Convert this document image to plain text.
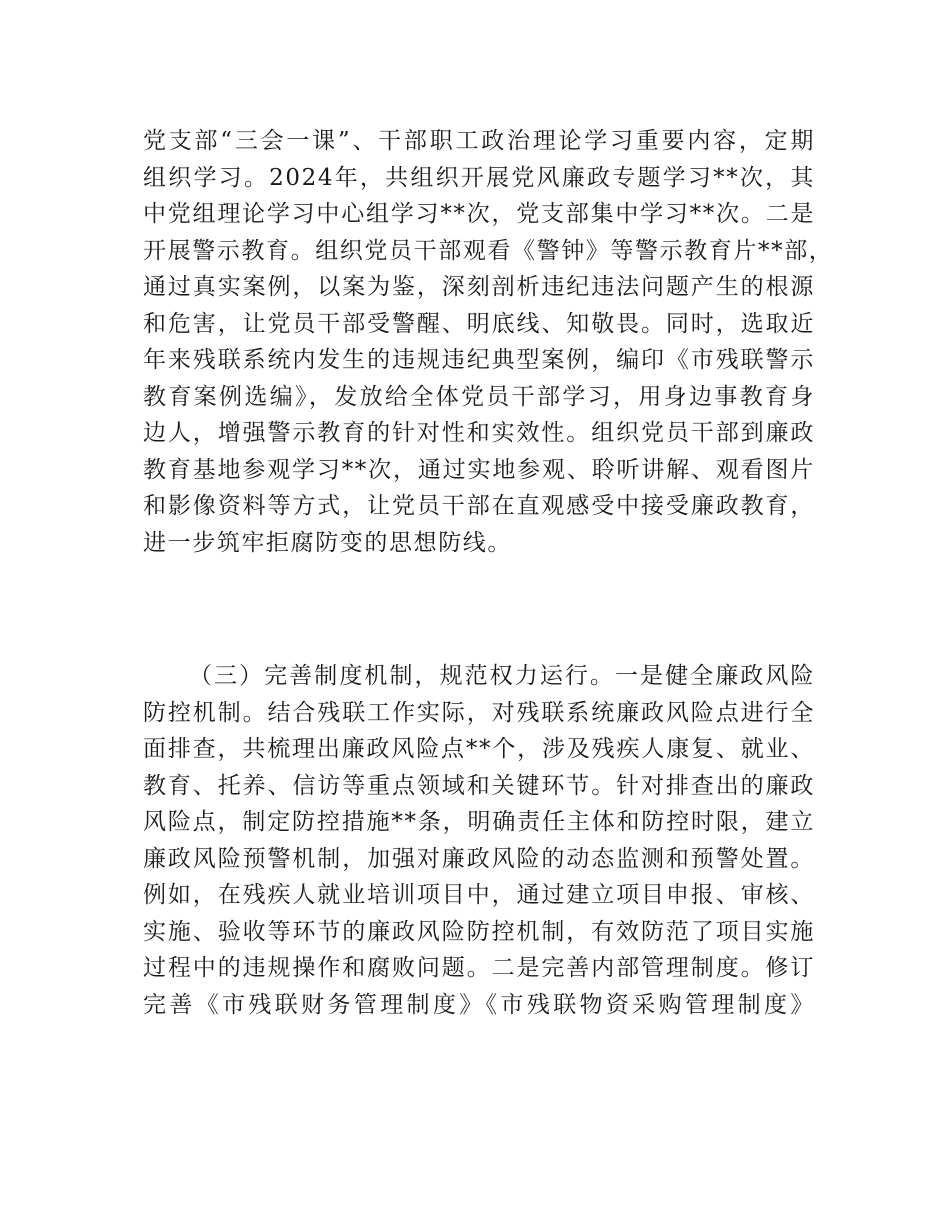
党支部“三会一课”、干部职工政治理论学习重要内容，定期
组织学习。2024年，共组织开展党风廉政专题学习**次，其
中党组理论学习中心组学习**次，党支部集中学习**次。二是
开展警示教育。组织党员干部观看《警钟》等警示教育片**部，
通过真实案例，以案为鉴，深刻剖析违纪违法问题产生的根源
和危害，让党员干部受警醒、明底线、知敬畏。同时，选取近
年来残联系统内发生的违规违纪典型案例，编印《市残联警示
教育案例选编》，发放给全体党员干部学习，用身边事教育身
边人，增强警示教育的针对性和实效性。组织党员干部到廉政
教育基地参观学习**次，通过实地参观、聆听讲解、观看图片
和影像资料等方式，让党员干部在直观感受中接受廉政教育，
进一步筑牢拒腐防变的思想防线。
（三）完善制度机制，规范权力运行。一是健全廉政风险
防控机制。结合残联工作实际，对残联系统廉政风险点进行全
面排查，共梳理出廉政风险点**个，涉及残疾人康复、就业、
教育、托养、信访等重点领域和关键环节。针对排查出的廉政
风险点，制定防控措施**条，明确责任主体和防控时限，建立
廉政风险预警机制，加强对廉政风险的动态监测和预警处置。
例如，在残疾人就业培训项目中，通过建立项目申报、审核、
实施、验收等环节的廉政风险防控机制，有效防范了项目实施
过程中的违规操作和腐败问题。二是完善内部管理制度。修订
完善《市残联财务管理制度》《市残联物资采购管理制度》
